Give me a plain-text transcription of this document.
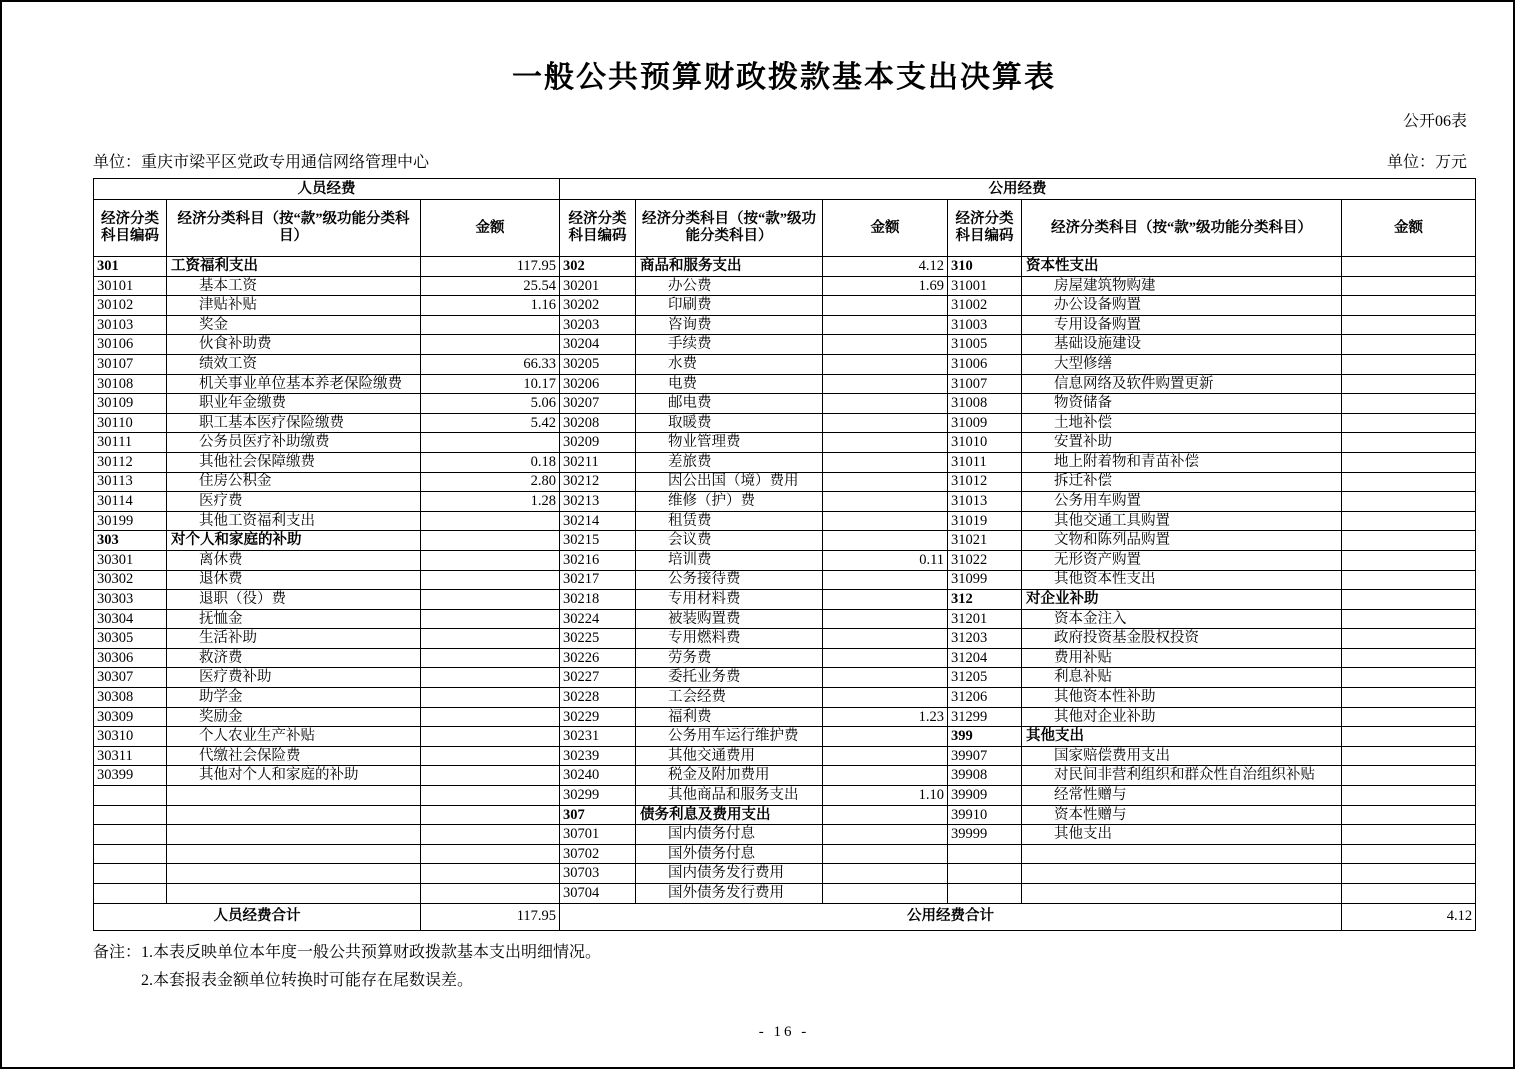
一般公共预算财政拨款基本支出决算表
公开06表
单位：重庆市梁平区党政专用通信网络管理中心	单位：万元
人员经费			公用经费					
经济分类科目编码	经济分类科目（按“款”级功能分类科目）	金额	经济分类科目编码	经济分类科目（按“款”级功能分类科目）	金额	经济分类科目编码	经济分类科目（按“款”级功能分类科目）	金额
301	工资福利支出	117.95	302	商品和服务支出	4.12	310	资本性支出	
30101	基本工资	25.54	30201	办公费	1.69	31001	房屋建筑物购建	
30102	津贴补贴	1.16	30202	印刷费		31002	办公设备购置	
30103	奖金		30203	咨询费		31003	专用设备购置	
30106	伙食补助费		30204	手续费		31005	基础设施建设	
30107	绩效工资	66.33	30205	水费		31006	大型修缮	
30108	机关事业单位基本养老保险缴费	10.17	30206	电费		31007	信息网络及软件购置更新	
30109	职业年金缴费	5.06	30207	邮电费		31008	物资储备	
30110	职工基本医疗保险缴费	5.42	30208	取暖费		31009	土地补偿	
30111	公务员医疗补助缴费		30209	物业管理费		31010	安置补助	
30112	其他社会保障缴费	0.18	30211	差旅费		31011	地上附着物和青苗补偿	
30113	住房公积金	2.80	30212	因公出国（境）费用		31012	拆迁补偿	
30114	医疗费	1.28	30213	维修（护）费		31013	公务用车购置	
30199	其他工资福利支出		30214	租赁费		31019	其他交通工具购置	
303	对个人和家庭的补助		30215	会议费		31021	文物和陈列品购置	
30301	离休费		30216	培训费	0.11	31022	无形资产购置	
30302	退休费		30217	公务接待费		31099	其他资本性支出	
30303	退职（役）费		30218	专用材料费		312	对企业补助	
30304	抚恤金		30224	被装购置费		31201	资本金注入	
30305	生活补助		30225	专用燃料费		31203	政府投资基金股权投资	
30306	救济费		30226	劳务费		31204	费用补贴	
30307	医疗费补助		30227	委托业务费		31205	利息补贴	
30308	助学金		30228	工会经费		31206	其他资本性补助	
30309	奖励金		30229	福利费	1.23	31299	其他对企业补助	
30310	个人农业生产补贴		30231	公务用车运行维护费		399	其他支出	
30311	代缴社会保险费		30239	其他交通费用		39907	国家赔偿费用支出	
30399	其他对个人和家庭的补助		30240	税金及附加费用		39908	对民间非营利组织和群众性自治组织补贴	
			30299	其他商品和服务支出	1.10	39909	经常性赠与	
			307	债务利息及费用支出		39910	资本性赠与	
			30701	国内债务付息		39999	其他支出	
			30702	国外债务付息				
			30703	国内债务发行费用				
			30704	国外债务发行费用				
人员经费合计		117.95	公用经费合计					4.12
备注： 1.本表反映单位本年度一般公共预算财政拨款基本支出明细情况。
2.本套报表金额单位转换时可能存在尾数误差。
- 16 -
